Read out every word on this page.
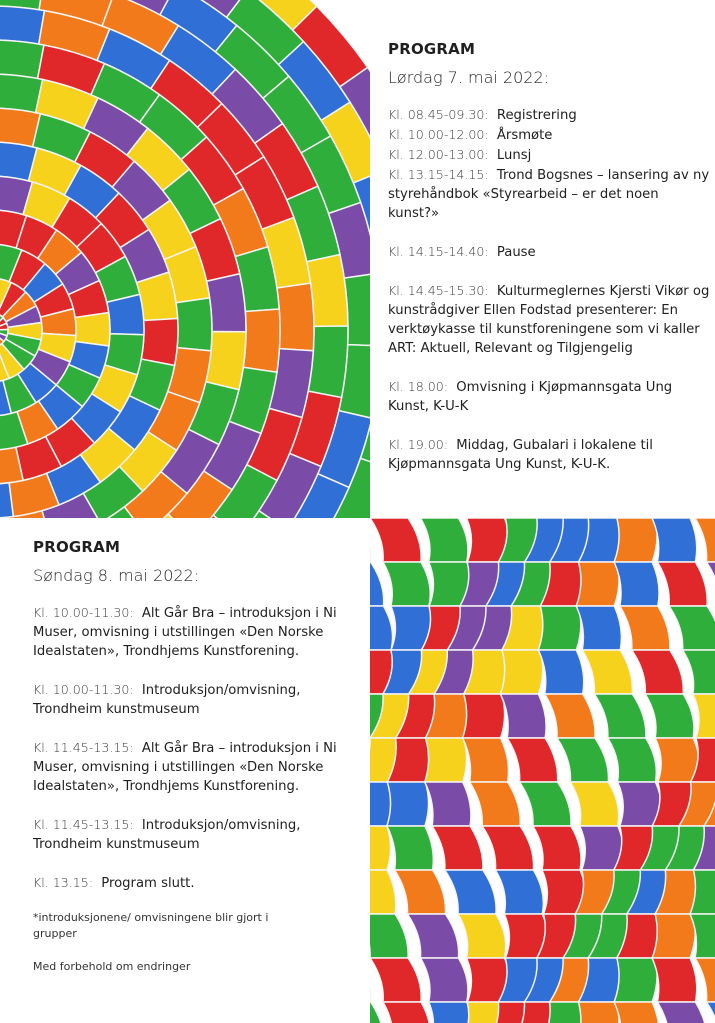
PROGRAM
Lørdag 7. mai 2022:
Kl. 08.45-09.30: Registrering
Kl. 10.00-12.00: Årsmøte
Kl. 12.00-13.00: Lunsj
Kl. 13.15-14.15: Trond Bogsnes – lansering av ny styrehåndbok «Styrearbeid – er det noen kunst?»
Kl. 14.15-14.40: Pause
Kl. 14.45-15.30: Kulturmeglernes Kjersti Vikør og kunstrådgiver Ellen Fodstad presenterer: En verktøykasse til kunstforeningene som vi kaller ART: Aktuell, Relevant og Tilgjengelig
Kl. 18.00: Omvisning i Kjøpmannsgata Ung Kunst, K-U-K
Kl. 19.00: Middag, Gubalari i lokalene til Kjøpmannsgata Ung Kunst, K-U-K.
PROGRAM
Søndag 8. mai 2022:
Kl. 10.00-11.30: Alt Går Bra – introduksjon i Ni Muser, omvisning i utstillingen «Den Norske Idealstaten», Trondhjems Kunstforening.
Kl. 10.00-11.30: Introduksjon/omvisning, Trondheim kunstmuseum
Kl. 11.45-13.15: Alt Går Bra – introduksjon i Ni Muser, omvisning i utstillingen «Den Norske Idealstaten», Trondhjems Kunstforening.
Kl. 11.45-13.15: Introduksjon/omvisning, Trondheim kunstmuseum
Kl. 13.15: Program slutt.
*introduksjonene/ omvisningene blir gjort i grupper
Med forbehold om endringer
